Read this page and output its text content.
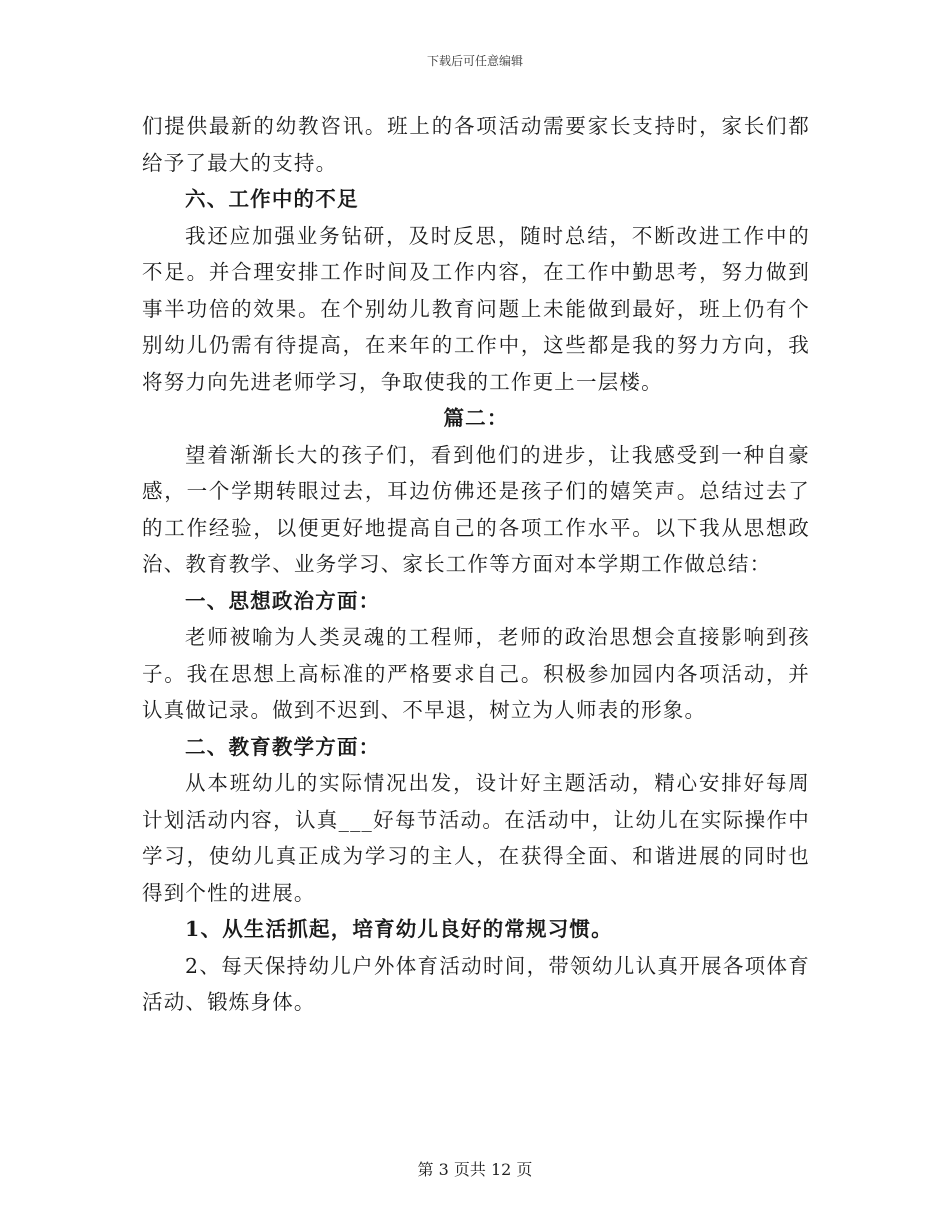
下载后可任意编辑

们提供最新的幼教咨讯。班上的各项活动需要家长支持时，家长们都给予了最大的支持。

六、工作中的不足

我还应加强业务钻研，及时反思，随时总结，不断改进工作中的不足。并合理安排工作时间及工作内容，在工作中勤思考，努力做到事半功倍的效果。在个别幼儿教育问题上未能做到最好，班上仍有个别幼儿仍需有待提高，在来年的工作中，这些都是我的努力方向，我将努力向先进老师学习，争取使我的工作更上一层楼。

篇二：

望着渐渐长大的孩子们，看到他们的进步，让我感受到一种自豪感，一个学期转眼过去，耳边仿佛还是孩子们的嬉笑声。总结过去了的工作经验，以便更好地提高自己的各项工作水平。以下我从思想政治、教育教学、业务学习、家长工作等方面对本学期工作做总结：

一、思想政治方面：

老师被喻为人类灵魂的工程师，老师的政治思想会直接影响到孩子。我在思想上高标准的严格要求自己。积极参加园内各项活动，并认真做记录。做到不迟到、不早退，树立为人师表的形象。

二、教育教学方面：

从本班幼儿的实际情况出发，设计好主题活动，精心安排好每周计划活动内容，认真___好每节活动。在活动中，让幼儿在实际操作中学习，使幼儿真正成为学习的主人，在获得全面、和谐进展的同时也得到个性的进展。

1、从生活抓起，培育幼儿良好的常规习惯。

2、每天保持幼儿户外体育活动时间，带领幼儿认真开展各项体育活动、锻炼身体。

第 3 页共 12 页
